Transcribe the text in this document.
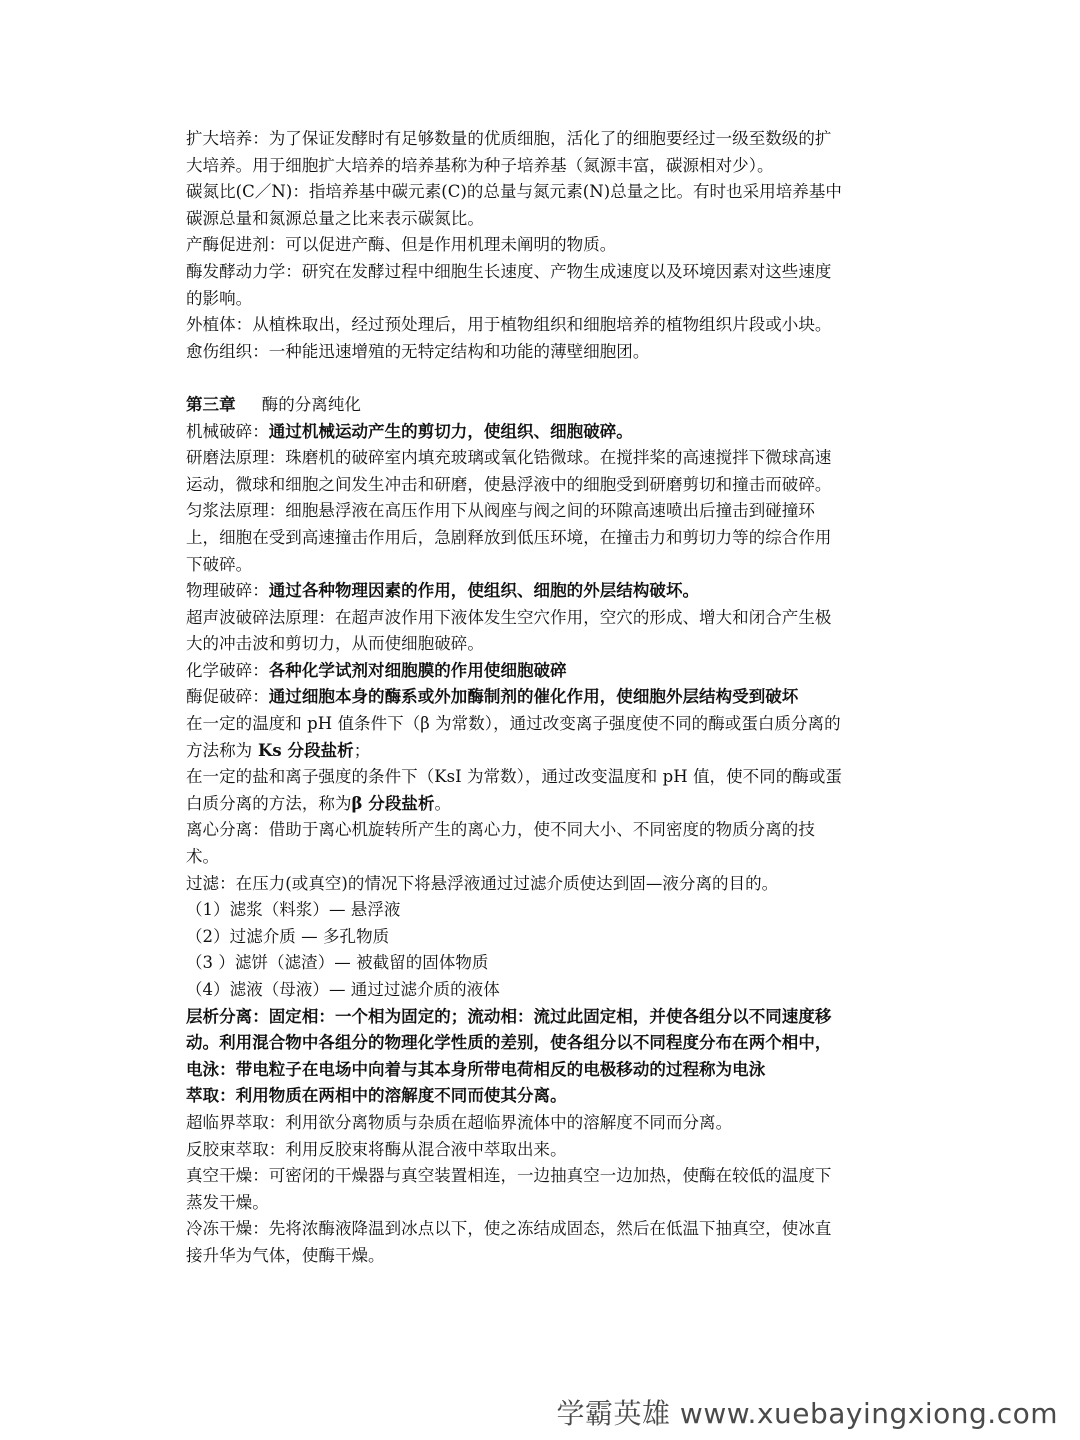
扩大培养：为了保证发酵时有足够数量的优质细胞，活化了的细胞要经过一级至数级的扩

大培养。用于细胞扩大培养的培养基称为种子培养基（氮源丰富，碳源相对少）。

碳氮比(C／N)：指培养基中碳元素(C)的总量与氮元素(N)总量之比。有时也采用培养基中

碳源总量和氮源总量之比来表示碳氮比。

产酶促进剂：可以促进产酶、但是作用机理未阐明的物质。

酶发酵动力学：研究在发酵过程中细胞生长速度、产物生成速度以及环境因素对这些速度

的影响。

外植体：从植株取出，经过预处理后，用于植物组织和细胞培养的植物组织片段或小块。

愈伤组织：一种能迅速增殖的无特定结构和功能的薄壁细胞团。

第三章 酶的分离纯化

机械破碎：通过机械运动产生的剪切力，使组织、细胞破碎。

研磨法原理：珠磨机的破碎室内填充玻璃或氧化锆微球。在搅拌桨的高速搅拌下微球高速

运动，微球和细胞之间发生冲击和研磨，使悬浮液中的细胞受到研磨剪切和撞击而破碎。

匀浆法原理：细胞悬浮液在高压作用下从阀座与阀之间的环隙高速喷出后撞击到碰撞环

上，细胞在受到高速撞击作用后，急剧释放到低压环境，在撞击力和剪切力等的综合作用

下破碎。

物理破碎：通过各种物理因素的作用，使组织、细胞的外层结构破坏。

超声波破碎法原理：在超声波作用下液体发生空穴作用，空穴的形成、增大和闭合产生极

大的冲击波和剪切力，从而使细胞破碎。

化学破碎：各种化学试剂对细胞膜的作用使细胞破碎

酶促破碎：通过细胞本身的酶系或外加酶制剂的催化作用，使细胞外层结构受到破坏

在一定的温度和 pH 值条件下（β 为常数），通过改变离子强度使不同的酶或蛋白质分离的

方法称为 Ks 分段盐析；

在一定的盐和离子强度的条件下（KsI 为常数），通过改变温度和 pH 值，使不同的酶或蛋

白质分离的方法，称为β 分段盐析。

离心分离：借助于离心机旋转所产生的离心力，使不同大小、不同密度的物质分离的技

术。

过滤：在压力(或真空)的情况下将悬浮液通过过滤介质使达到固—液分离的目的。

（1）滤浆（料浆）— 悬浮液

（2）过滤介质 — 多孔物质

（3 ）滤饼（滤渣）— 被截留的固体物质

（4）滤液（母液）— 通过过滤介质的液体

层析分离：固定相：一个相为固定的；流动相：流过此固定相，并使各组分以不同速度移

动。利用混合物中各组分的物理化学性质的差别，使各组分以不同程度分布在两个相中，

电泳：带电粒子在电场中向着与其本身所带电荷相反的电极移动的过程称为电泳

萃取：利用物质在两相中的溶解度不同而使其分离。

超临界萃取：利用欲分离物质与杂质在超临界流体中的溶解度不同而分离。

反胶束萃取：利用反胶束将酶从混合液中萃取出来。

真空干燥：可密闭的干燥器与真空装置相连，一边抽真空一边加热，使酶在较低的温度下

蒸发干燥。

冷冻干燥：先将浓酶液降温到冰点以下，使之冻结成固态，然后在低温下抽真空，使冰直

接升华为气体，使酶干燥。

学霸英雄 www.xuebayingxiong.com
